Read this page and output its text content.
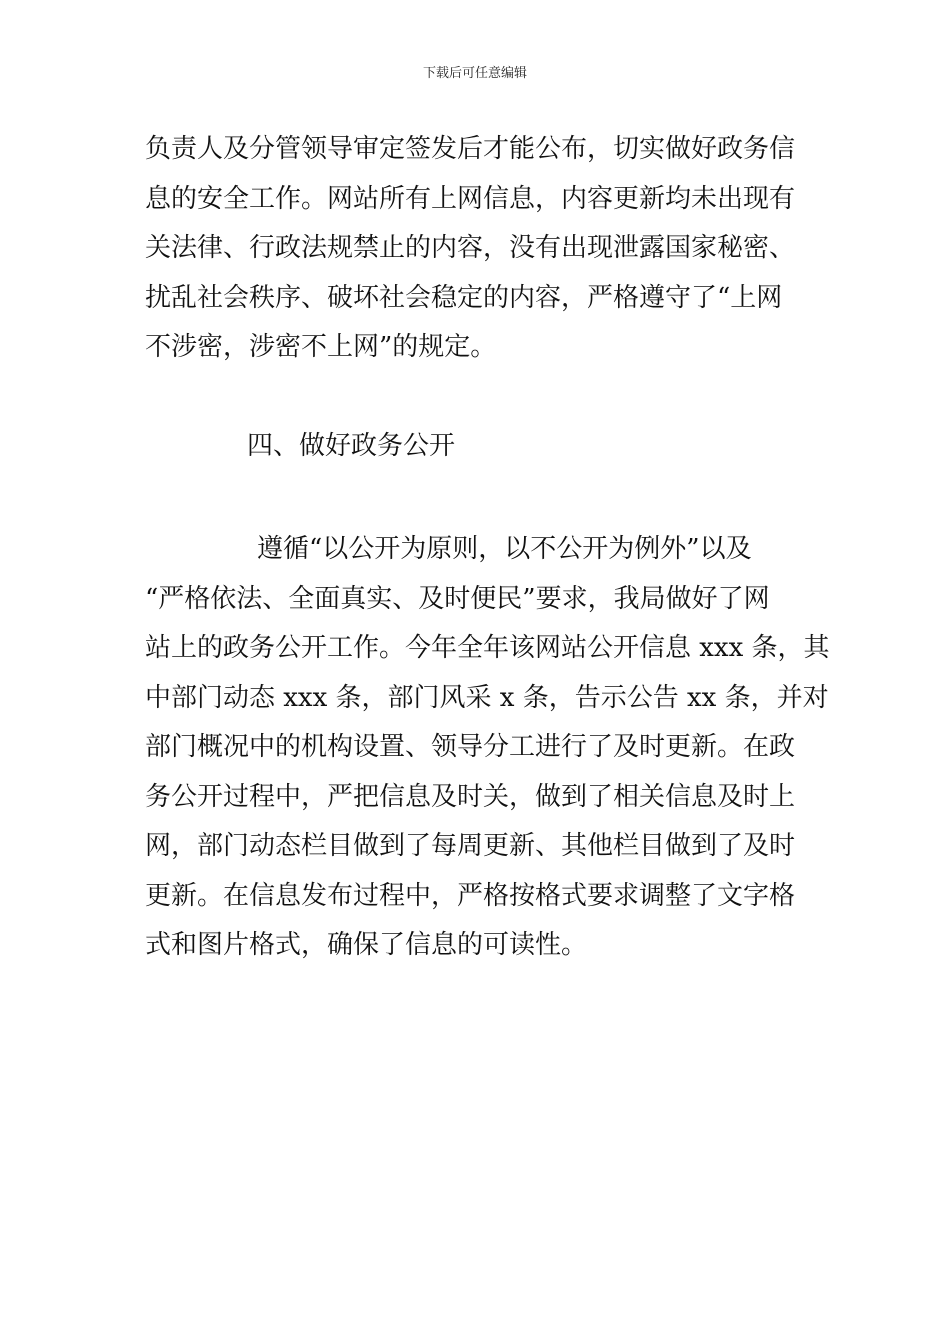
下载后可任意编辑
负责人及分管领导审定签发后才能公布，切实做好政务信
息的安全工作。网站所有上网信息，内容更新均未出现有
关法律、行政法规禁止的内容，没有出现泄露国家秘密、
扰乱社会秩序、破坏社会稳定的内容，严格遵守了“上网
不涉密，涉密不上网”的规定。
四、做好政务公开
遵循“以公开为原则，以不公开为例外”以及
“严格依法、全面真实、及时便民”要求，我局做好了网
站上的政务公开工作。今年全年该网站公开信息 xxx 条，其
中部门动态 xxx 条，部门风采 x 条，告示公告 xx 条，并对
部门概况中的机构设置、领导分工进行了及时更新。在政
务公开过程中，严把信息及时关，做到了相关信息及时上
网，部门动态栏目做到了每周更新、其他栏目做到了及时
更新。在信息发布过程中，严格按格式要求调整了文字格
式和图片格式，确保了信息的可读性。
